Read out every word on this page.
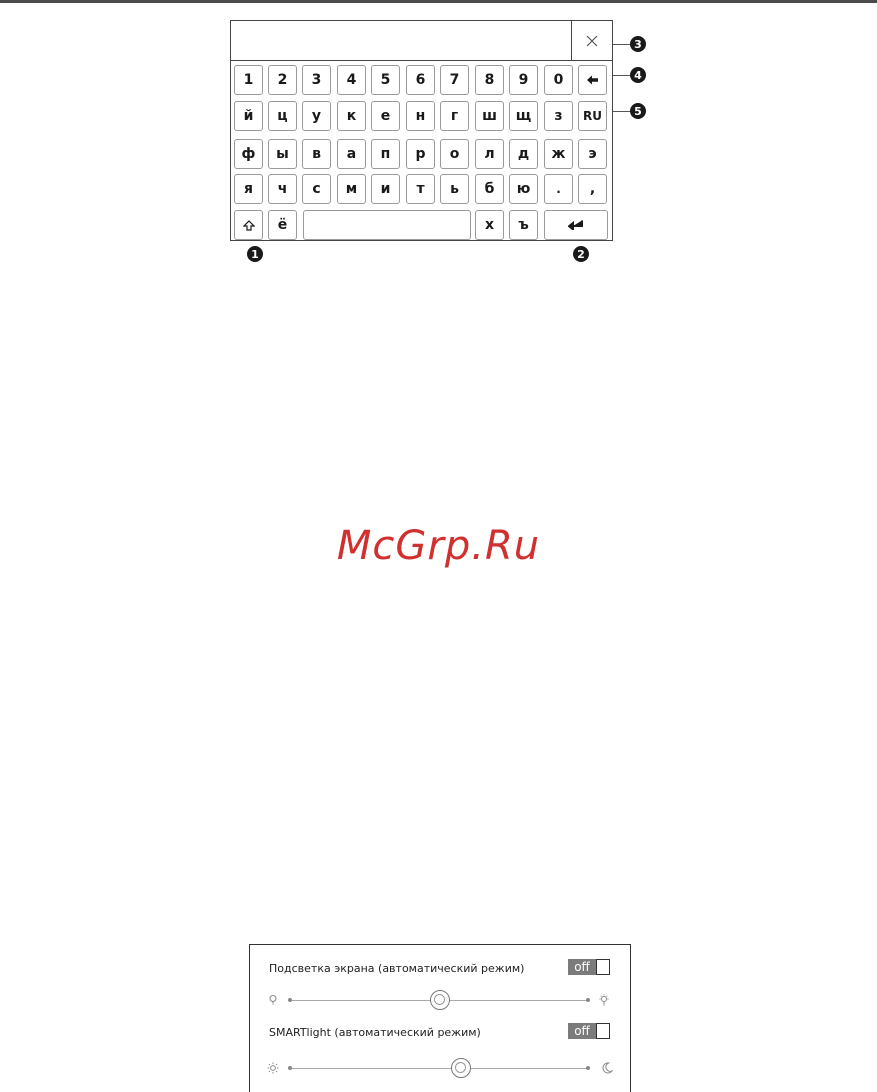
1	2	3	4	5	6	7	8	9	0
й	ц	у	к	е	н	г	ш	щ	з	RU
ф	ы	в	а	п	р	о	л	д	ж	э
я	ч	с	м	и	т	ь	б	ю	.	,
ё	х	ъ
3
4
5
1	2
McGrp.Ru
Подсветка экрана (автоматический режим)	off
SMARTlight (автоматический режим)	off
